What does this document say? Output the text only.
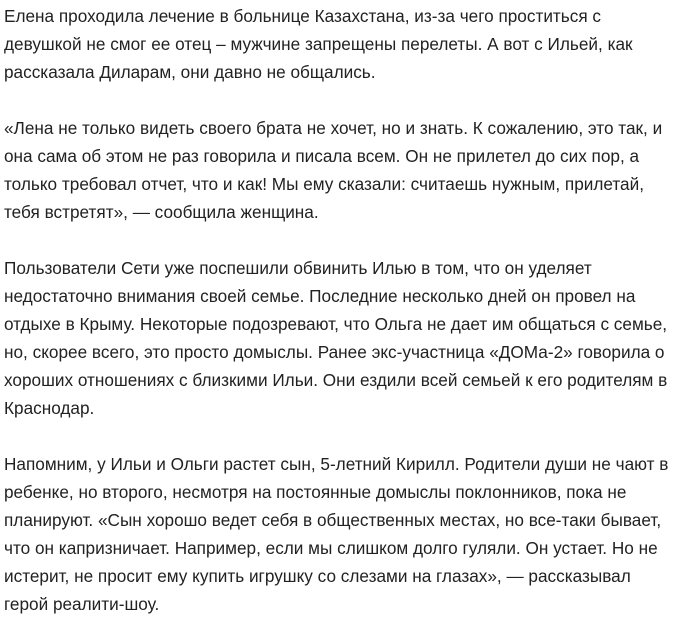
Елена проходила лечение в больнице Казахстана, из-за чего проститься с
девушкой не смог ее отец – мужчине запрещены перелеты. А вот с Ильей, как
рассказала Диларам, они давно не общались.

«Лена не только видеть своего брата не хочет, но и знать. К сожалению, это так, и
она сама об этом не раз говорила и писала всем. Он не прилетел до сих пор, а
только требовал отчет, что и как! Мы ему сказали: считаешь нужным, прилетай,
тебя встретят», — сообщила женщина.

Пользователи Сети уже поспешили обвинить Илью в том, что он уделяет
недостаточно внимания своей семье. Последние несколько дней он провел на
отдыхе в Крыму. Некоторые подозревают, что Ольга не дает им общаться с семье,
но, скорее всего, это просто домыслы. Ранее экс-участница «ДОМа-2» говорила о
хороших отношениях с близкими Ильи. Они ездили всей семьей к его родителям в
Краснодар.

Напомним, у Ильи и Ольги растет сын, 5-летний Кирилл. Родители души не чают в
ребенке, но второго, несмотря на постоянные домыслы поклонников, пока не
планируют. «Сын хорошо ведет себя в общественных местах, но все-таки бывает,
что он капризничает. Например, если мы слишком долго гуляли. Он устает. Но не
истерит, не просит ему купить игрушку со слезами на глазах», — рассказывал
герой реалити-шоу.
